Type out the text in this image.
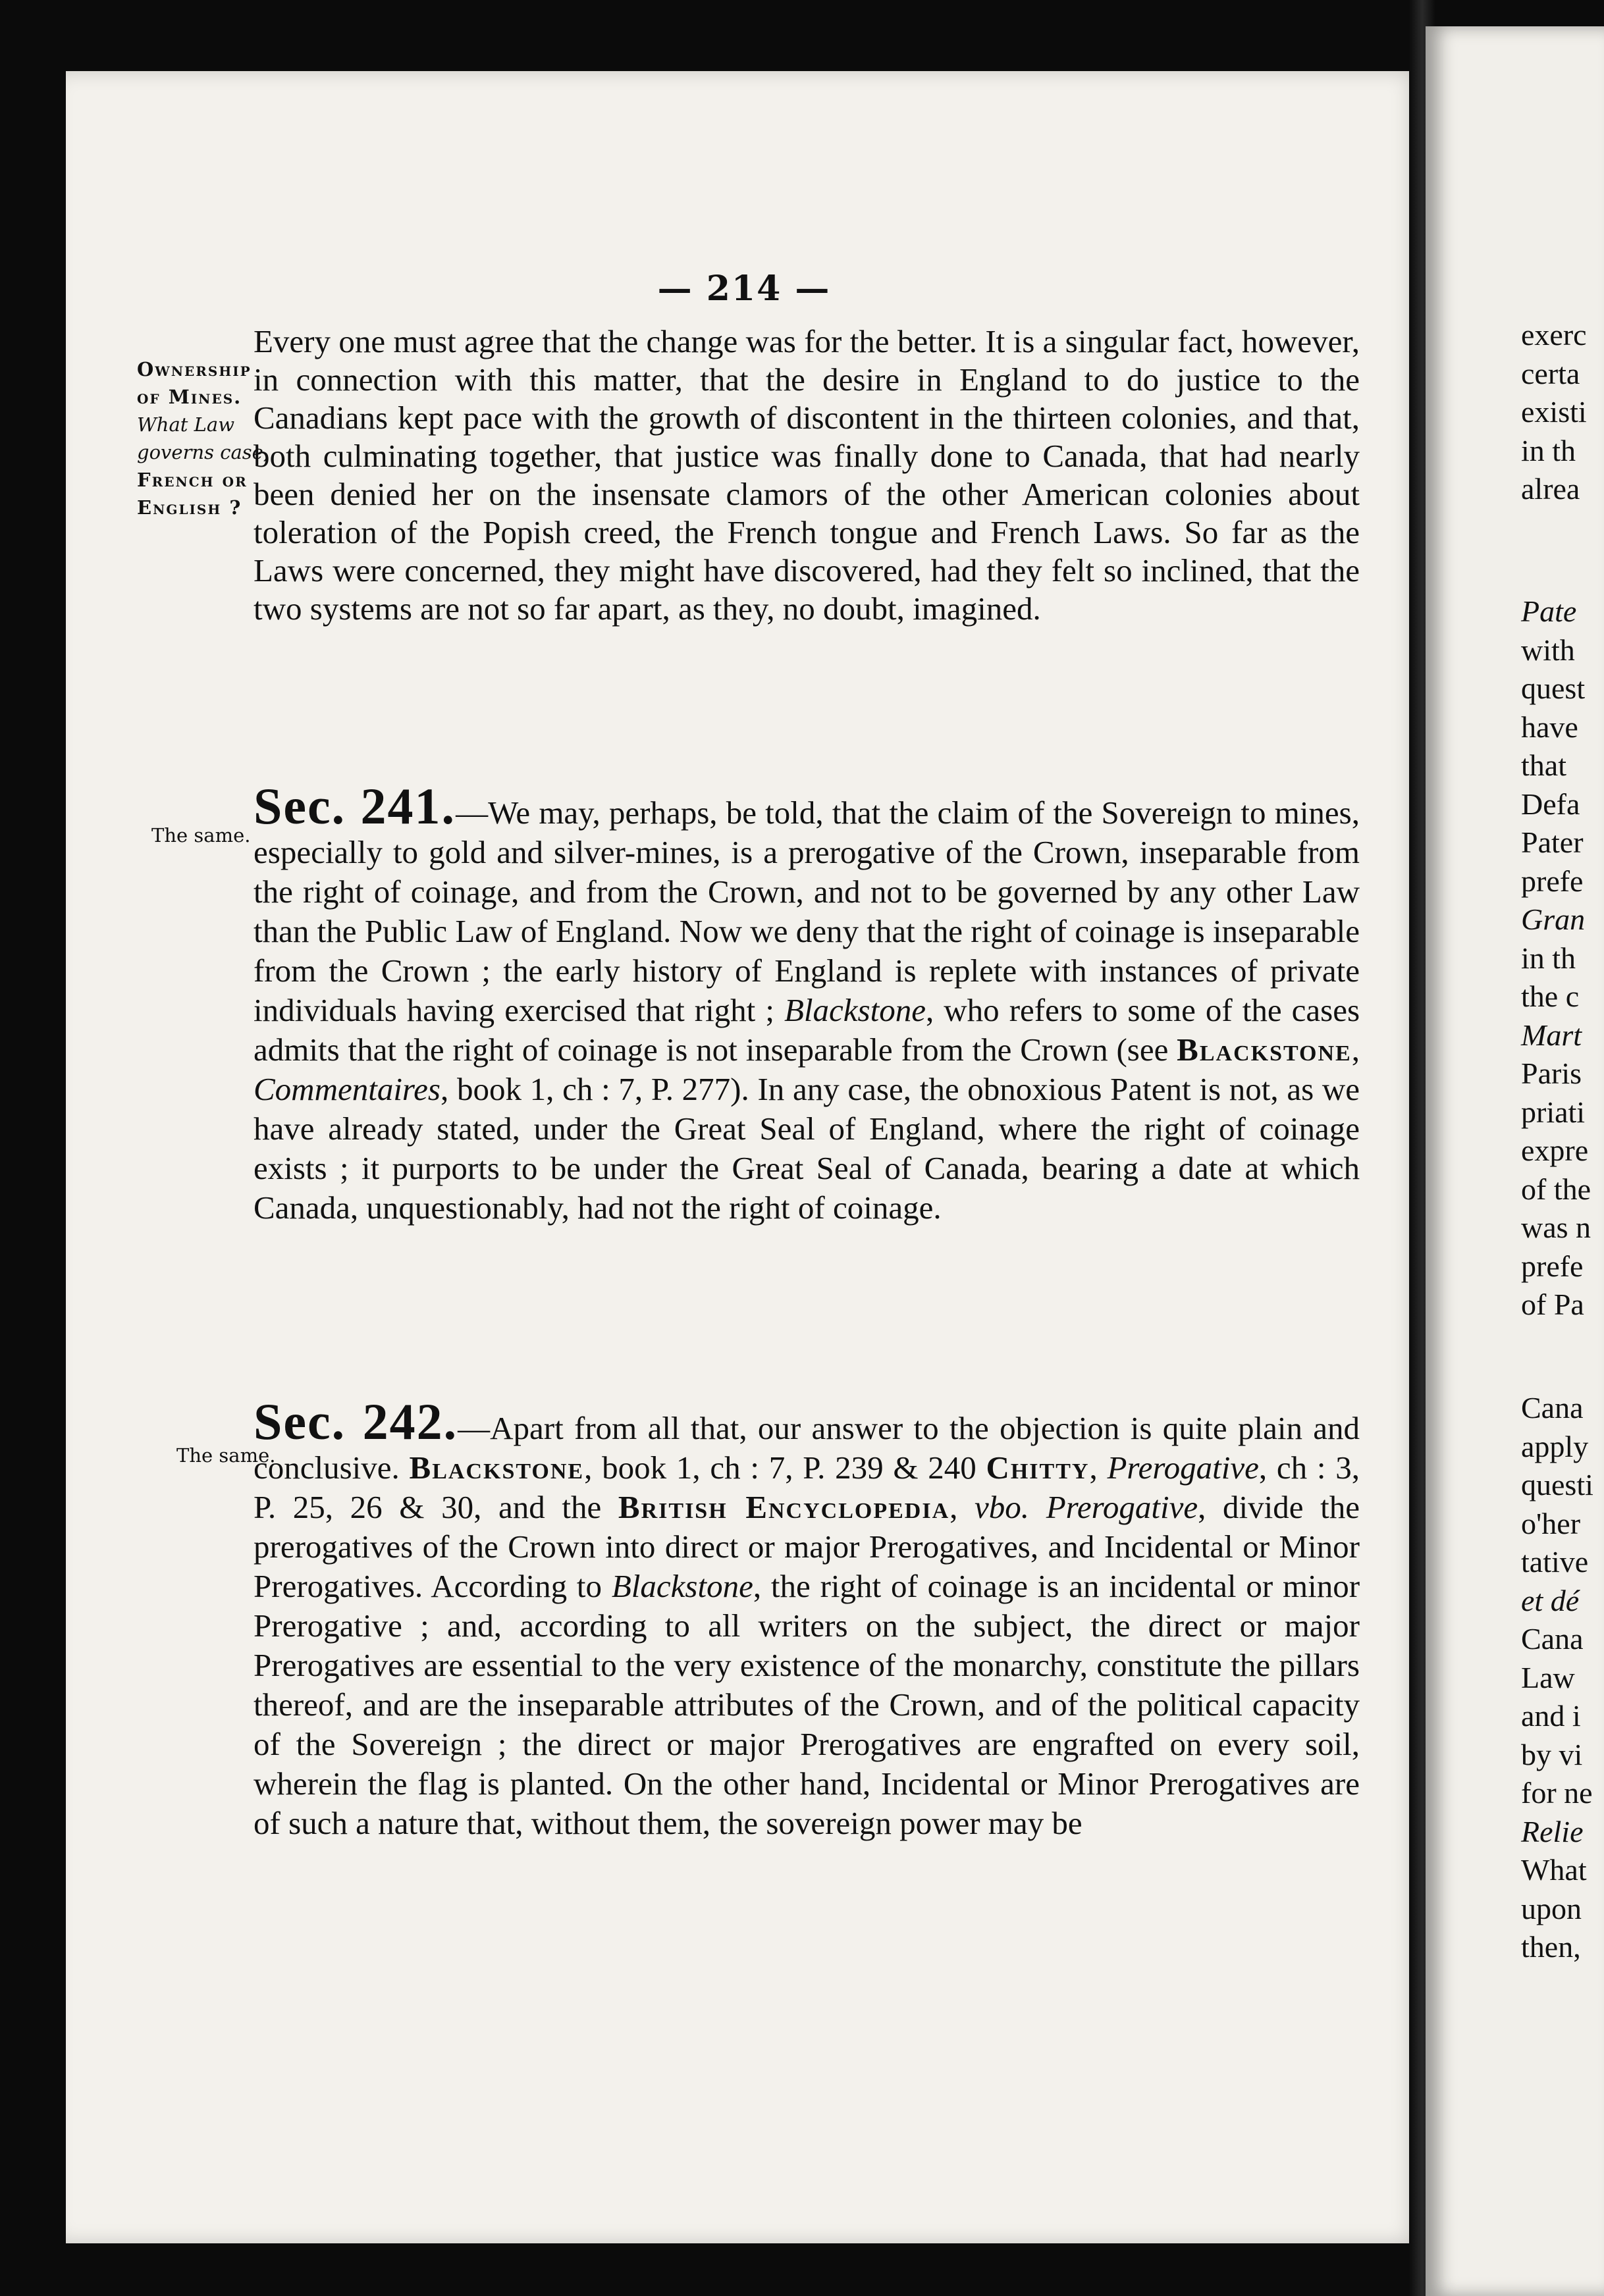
— 214 —
Ownership
of Mines.
What Law
governs case,
French or
English ?
The same.
The same.

Every one must agree that the change was for the better. It is a singular fact, however, in connection with this matter, that the desire in England to do justice to the Canadians kept pace with the growth of discontent in the thirteen colonies, and that, both culminating together, that justice was finally done to Canada, that had nearly been denied her on the insensate clamors of the other American colonies about toleration of the Popish creed, the French tongue and French Laws. So far as the Laws were concerned, they might have discovered, had they felt so inclined, that the two systems are not so far apart, as they, no doubt, imagined.

Sec. 241.—We may, perhaps, be told, that the claim of the Sovereign to mines, especially to gold and silver-mines, is a prerogative of the Crown, inseparable from the right of coinage, and from the Crown, and not to be governed by any other Law than the Public Law of England. Now we deny that the right of coinage is inseparable from the Crown ; the early history of England is replete with instances of private individuals having exercised that right ; Blackstone, who refers to some of the cases admits that the right of coinage is not inseparable from the Crown (see Blackstone, Commentaires, book 1, ch : 7, P. 277). In any case, the obnoxious Patent is not, as we have already stated, under the Great Seal of England, where the right of coinage exists ; it purports to be under the Great Seal of Canada, bearing a date at which Canada, unquestionably, had not the right of coinage.

Sec. 242.—Apart from all that, our answer to the objection is quite plain and conclusive. Blackstone, book 1, ch : 7, P. 239 & 240 Chitty, Prerogative, ch : 3, P. 25, 26 & 30, and the British Encyclopedia, vbo. Prerogative, divide the prerogatives of the Crown into direct or major Prerogatives, and Incidental or Minor Prerogatives. According to Blackstone, the right of coinage is an incidental or minor Prerogative ; and, according to all writers on the subject, the direct or major Prerogatives are essential to the very existence of the monarchy, constitute the pillars thereof, and are the inseparable attributes of the Crown, and of the political capacity of the Sovereign ; the direct or major Prerogatives are engrafted on every soil, wherein the flag is planted. On the other hand, Incidental or Minor Prerogatives are of such a nature that, without them, the sovereign power may be

exerc
certa
existi
in th
alrea
Pate
with
quest
have
that
Defa
Pater
prefe
Gran
in th
the c
Mart
Paris
priati
expre
of the
was n
prefe
of Pa
Cana
apply
questi
o'her
tative
et dé
Cana
Law
and i
by vi
for ne
Relie
What
upon
then,
